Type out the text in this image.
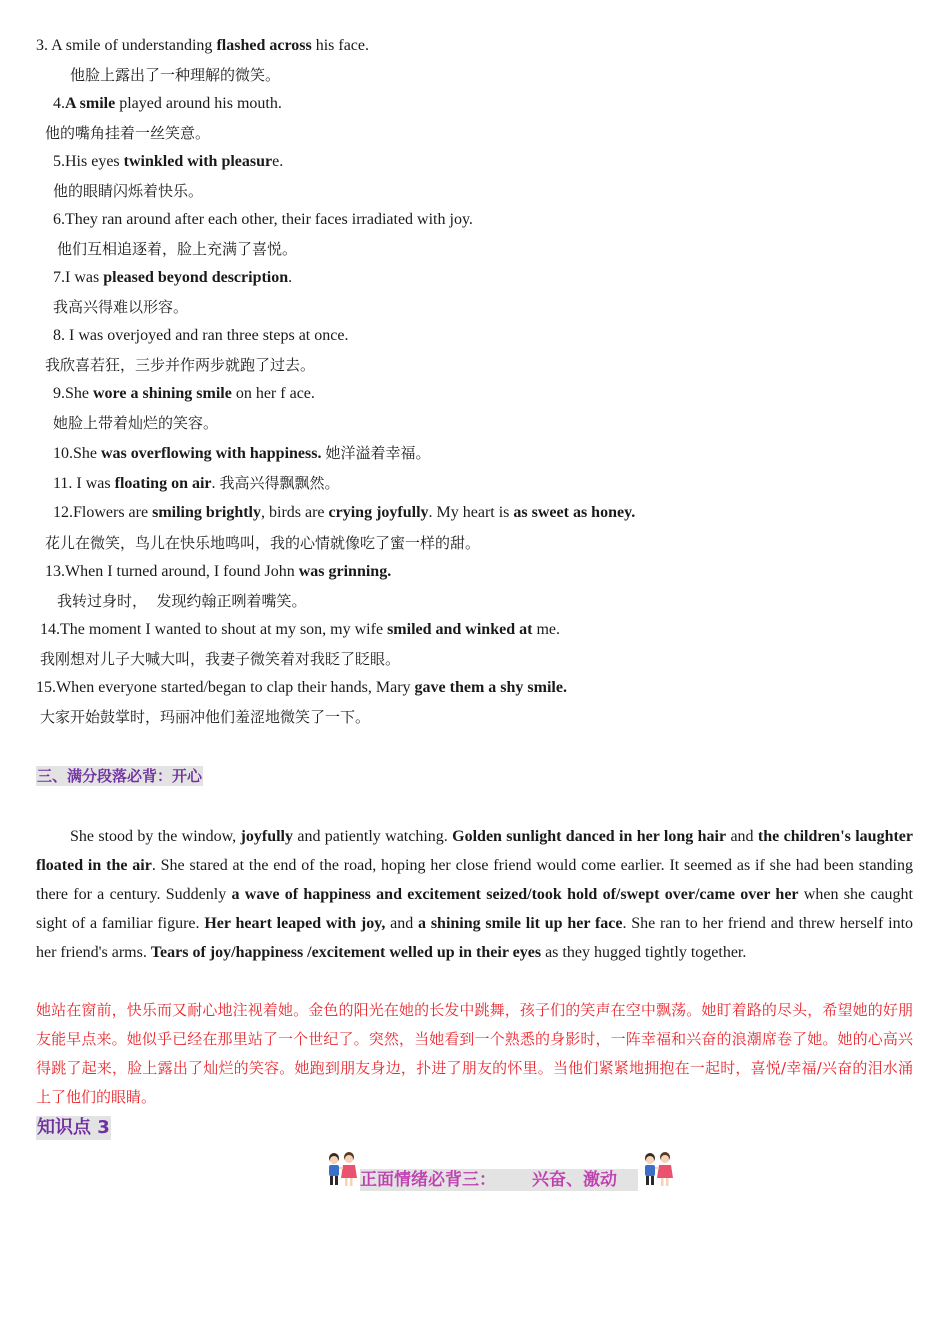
3. A smile of understanding flashed across his face.
他脸上露出了一种理解的微笑。
4.A smile played around his mouth.
他的嘴角挂着一丝笑意。
5.His eyes twinkled with pleasure.
他的眼睛闪烁着快乐。
6.They ran around after each other, their faces irradiated with joy.
他们互相追逐着，脸上充满了喜悦。
7.I was pleased beyond description.
我高兴得难以形容。
8. I was overjoyed and ran three steps at once.
我欣喜若狂，三步并作两步就跑了过去。
9.She wore a shining smile on her f ace.
她脸上带着灿烂的笑容。
10.She was overflowing with happiness. 她洋溢着幸福。
11. I was floating on air. 我高兴得飘飘然。
12.Flowers are smiling brightly, birds are crying joyfully. My heart is as sweet as honey.
花儿在微笑，鸟儿在快乐地鸣叫，我的心情就像吃了蜜一样的甜。
13.When I turned around, I found John was grinning.
我转过身时，  发现约翰正咧着嘴笑。
14.The moment I wanted to shout at my son, my wife smiled and winked at me.
我刚想对儿子大喊大叫，我妻子微笑着对我眨了眨眼。
15.When everyone started/began to clap their hands, Mary gave them a shy smile.
大家开始鼓掌时，玛丽冲他们羞涩地微笑了一下。
三、满分段落必背：开心
She stood by the window, joyfully and patiently watching. Golden sunlight danced in her long hair and the children's laughter floated in the air. She stared at the end of the road, hoping her close friend would come earlier. It seemed as if she had been standing there for a century. Suddenly a wave of happiness and excitement seized/took hold of/swept over/came over her when she caught sight of a familiar figure. Her heart leaped with joy, and a shining smile lit up her face. She ran to her friend and threw herself into her friend's arms. Tears of joy/happiness /excitement welled up in their eyes as they hugged tightly together.
她站在窗前，快乐而又耐心地注视着她。金色的阳光在她的长发中跳舞，孩子们的笑声在空中飘荡。她盯着路的尽头，希望她的好朋友能早点来。她似乎已经在那里站了一个世纪了。突然，当她看到一个熟悉的身影时，一阵幸福和兴奋的浪潮席卷了她。她的心高兴得跳了起来，脸上露出了灿烂的笑容。她跑到朋友身边，扑进了朋友的怀里。当他们紧紧地拥抱在一起时，喜悦/幸福/兴奋的泪水涌上了他们的眼睛。
知识点 3
正面情绪必背三： 兴奋、激动
